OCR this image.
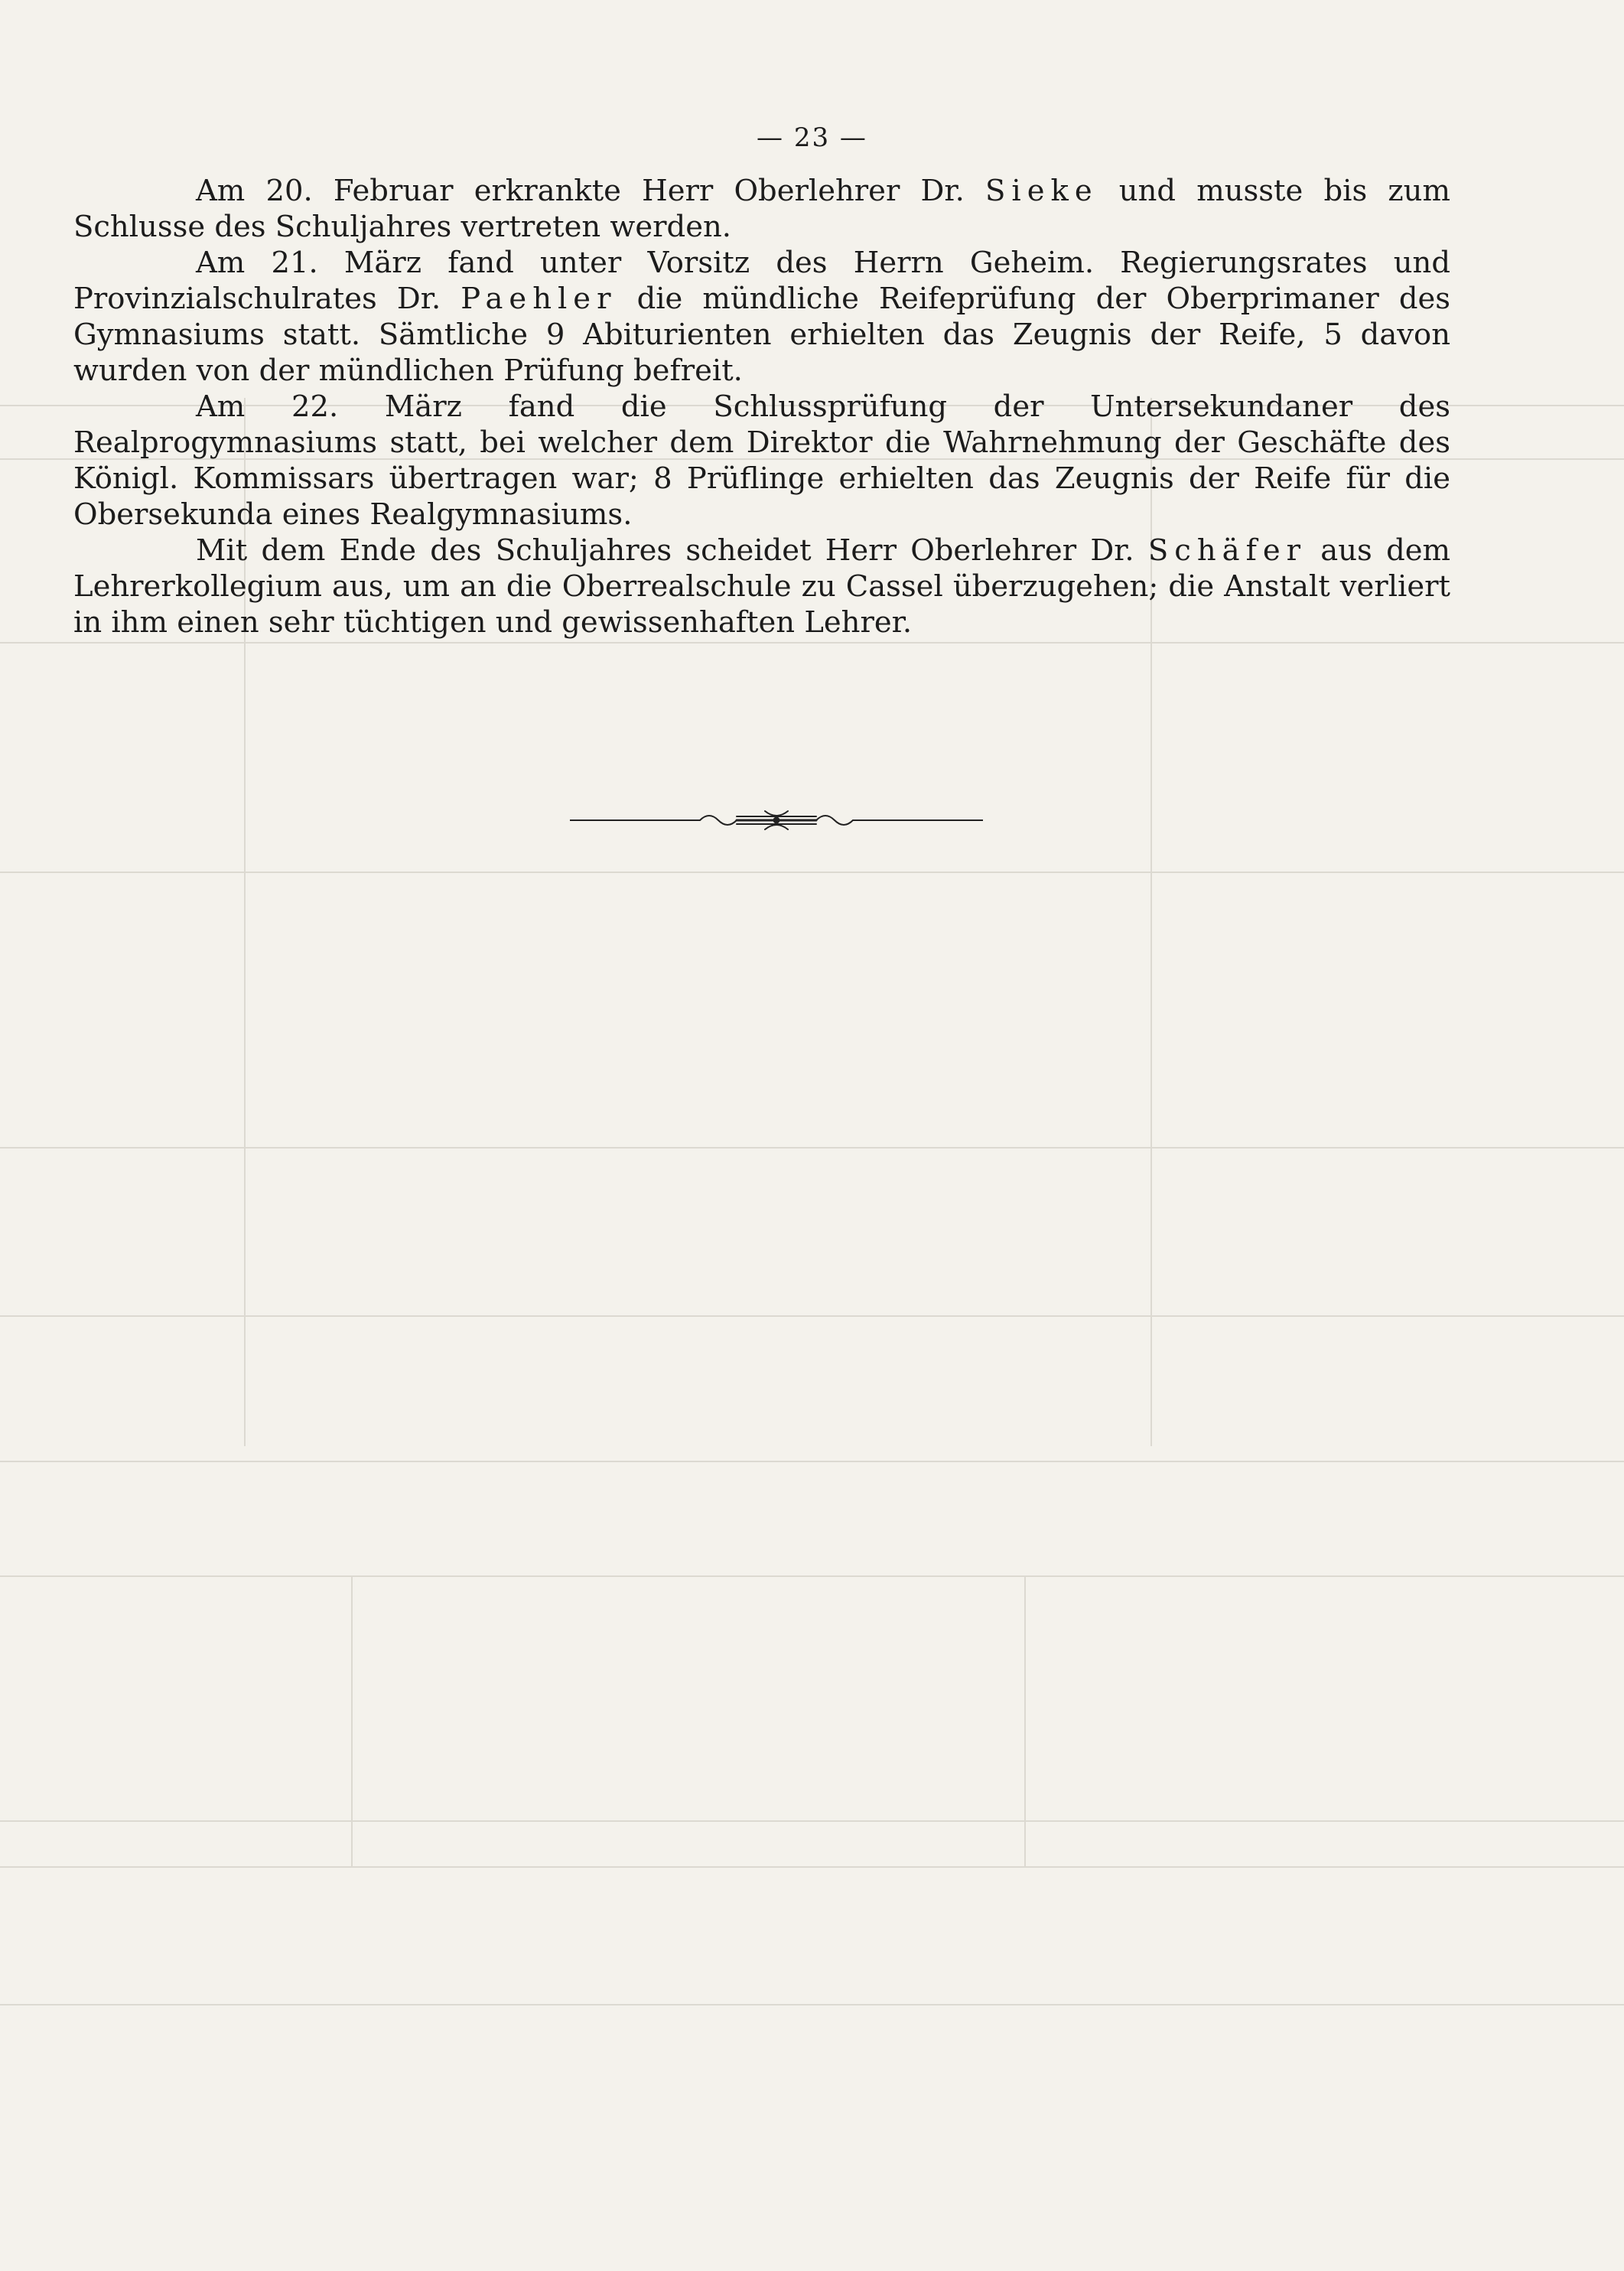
— 23 —

Am 20. Februar erkrankte Herr Oberlehrer Dr. Sieke und musste bis zum Schlusse des Schuljahres vertreten werden.

Am 21. März fand unter Vorsitz des Herrn Geheim. Regierungsrates und Provinzialschulrates Dr. Paehler die mündliche Reifeprüfung der Oberprimaner des Gymnasiums statt. Sämtliche 9 Abiturienten erhielten das Zeugnis der Reife, 5 davon wurden von der mündlichen Prüfung befreit.

Am 22. März fand die Schlussprüfung der Untersekundaner des Realprogymnasiums statt, bei welcher dem Direktor die Wahrnehmung der Geschäfte des Königl. Kommissars übertragen war; 8 Prüflinge erhielten das Zeugnis der Reife für die Obersekunda eines Realgymnasiums.

Mit dem Ende des Schuljahres scheidet Herr Oberlehrer Dr. Schäfer aus dem Lehrerkollegium aus, um an die Oberrealschule zu Cassel überzugehen; die Anstalt verliert in ihm einen sehr tüchtigen und gewissenhaften Lehrer.
